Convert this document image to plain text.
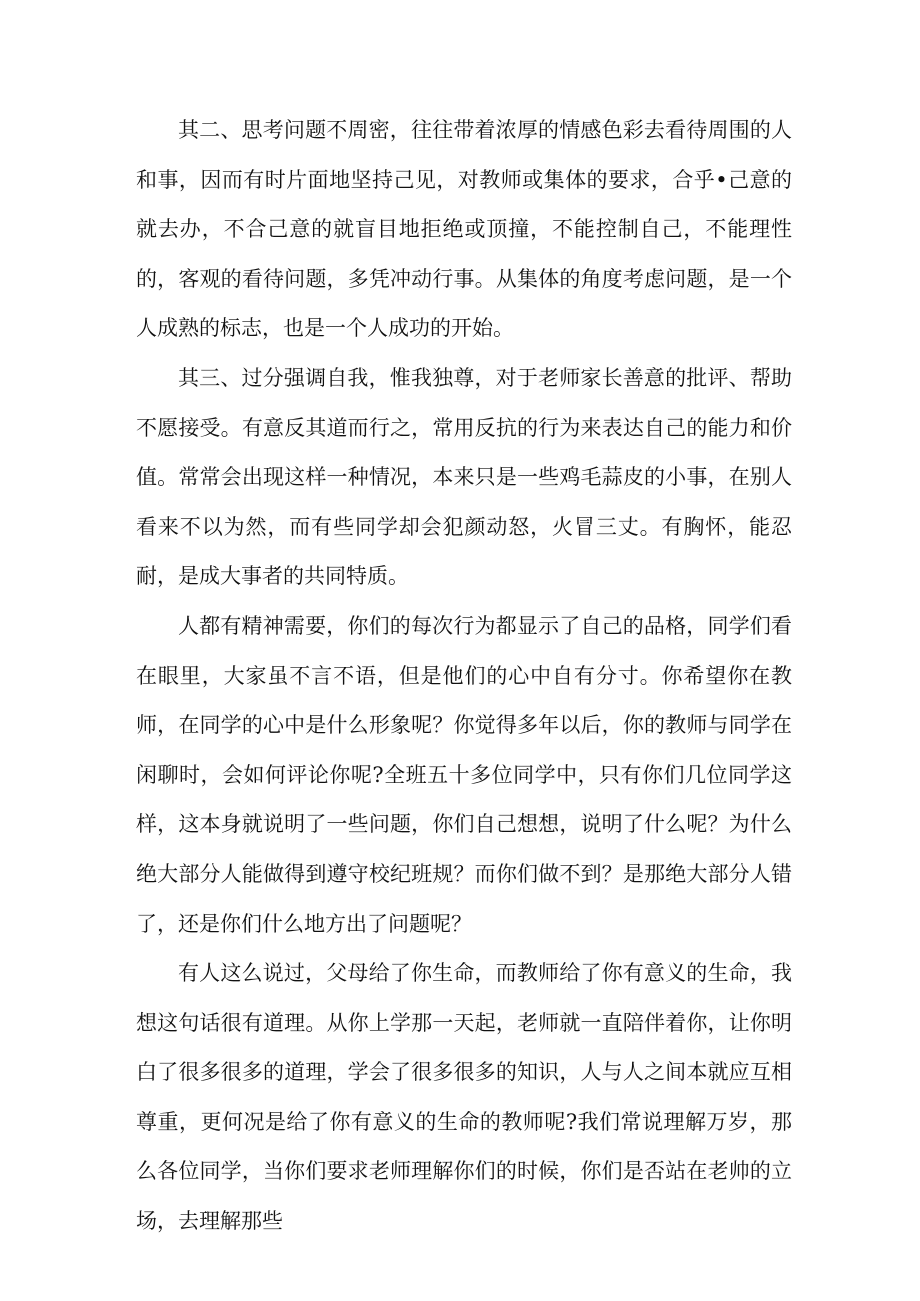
其二、思考问题不周密，往往带着浓厚的情感色彩去看待周围的人和事，因而有时片面地坚持己见，对教师或集体的要求，合乎•己意的就去办，不合己意的就盲目地拒绝或顶撞，不能控制自己，不能理性的，客观的看待问题，多凭冲动行事。从集体的角度考虑问题，是一个人成熟的标志，也是一个人成功的开始。

其三、过分强调自我，惟我独尊，对于老师家长善意的批评、帮助不愿接受。有意反其道而行之，常用反抗的行为来表达自己的能力和价值。常常会出现这样一种情况，本来只是一些鸡毛蒜皮的小事，在别人看来不以为然，而有些同学却会犯颜动怒，火冒三丈。有胸怀，能忍耐，是成大事者的共同特质。

人都有精神需要，你们的每次行为都显示了自己的品格，同学们看在眼里，大家虽不言不语，但是他们的心中自有分寸。你希望你在教师，在同学的心中是什么形象呢？你觉得多年以后，你的教师与同学在闲聊时，会如何评论你呢?全班五十多位同学中，只有你们几位同学这样，这本身就说明了一些问题，你们自己想想，说明了什么呢？为什么绝大部分人能做得到遵守校纪班规？而你们做不到？是那绝大部分人错了，还是你们什么地方出了问题呢？

有人这么说过，父母给了你生命，而教师给了你有意义的生命，我想这句话很有道理。从你上学那一天起，老师就一直陪伴着你，让你明白了很多很多的道理，学会了很多很多的知识，人与人之间本就应互相尊重，更何况是给了你有意义的生命的教师呢?我们常说理解万岁，那么各位同学，当你们要求老师理解你们的时候，你们是否站在老帅的立场，去理解那些
